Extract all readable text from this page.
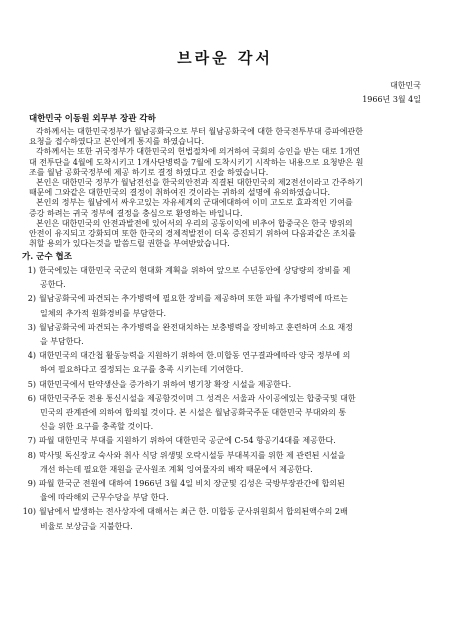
브라운 각서
대한민국
1966년 3월 4일
대한민국 이동원 외무부 장관 각하
각하께서는 대한민국정부가 월남공화국으로 부터 월남공화국에 대한 한국전투부대 증파에관한
요청을 접수하였다고 본인에게 통지를 하였습니다.
각하께서는 또한 귀국정부가 대한민국의 헌법절차에 의거하여 국회의 승인을 받는 대로 1개연
대 전투단을 4월에 도착시키고 1개사단병력을 7월에 도착시키기 시작하는 내용으로 요청받은 원
조를 월남 공화국정부에 제공 하기로 결정 하였다고 진술 하였습니다.
본인은 대한민국 정부가 월남전선을 한국의안전과 직결된 대한민국의 제2전선이라고 간주하기
때문에 그와같은 대한민국의 결정이 취하여진 것이라는 귀하의 설명에 유의하였습니다.
본인의 정부는 월남에서 싸우고있는 자유세계의 군대에대하여 이미 고도로 효과적인 기여를
증강 하려는 귀국 정부에 결정을 충심으로 환영하는 바입니다.
본인은 대한민국의 안전과발전에 있어서의 우리의 공동이익에 비추어 합중국은 한국 방위의
안전이 유지되고 강화되며 또한 한국의 경제적발전이 더욱 증진되기 위하여 다음과같은 조치를
취할 용의가 있다는것을 말씀드릴 권한을 부여받았습니다.
가. 군수 협조
1) 한국에있는 대한민국 국군의 현대화 계획을 위하여 앞으로 수년동안에 상당량의 장비를 제
공한다.
2) 월남공화국에 파견되는 추가병력에 필요한 장비를 제공하며 또한 파월 추가병력에 따르는
일체의 추가적 원화경비를 부담한다.
3) 월남공화국에 파견되는 추가병력을 완전대치하는 보충병력을 장비하고 훈련하며 소요 재정
을 부담한다.
4) 대한민국의 대간첩 활동능력을 지원하기 위하여 한.미합동 연구결과에따라 양국 정부에 의
하여 필요하다고 결정되는 요구를 충족 시키는데 기여한다.
5) 대한민국에서 탄약생산을 증가하기 위하여 병기창 확장 시설을 제공한다.
6) 대한민국주둔 전용 통신시설을 제공함것이며 그 성격은 서울과 사이공에있는 합중국및 대한
민국의 관계관에 의하여 합의될 것이다. 본 시설은 월남공화국주둔 대한민국 부대와의 통
신을 위한 요구를 충족할 것이다.
7) 파월 대한민국 부대를 지원하기 위하여 대한민국 공군에 C-54 항공기4대를 제공한다.
8) 막사및 독신장교 숙사와 취사 식당 위생및 오락시설등 부대복지를 위한 제 관련된 시설을
개선 하는데 필요한 재원을 군사원조 계획 잉여물자의 배작 때문에서 제공한다.
9) 파월 한국군 전원에 대하여 1966년 3월 4일 비치 장군및 김성은 국방부장관간에 합의된
율에 따라해외 근무수당을 부담 한다.
10) 월남에서 발생하는 전사상자에 대해서는 최근 한. 미합동 군사위원회서 합의된액수의 2배
비율로 보상금을 지불한다.
